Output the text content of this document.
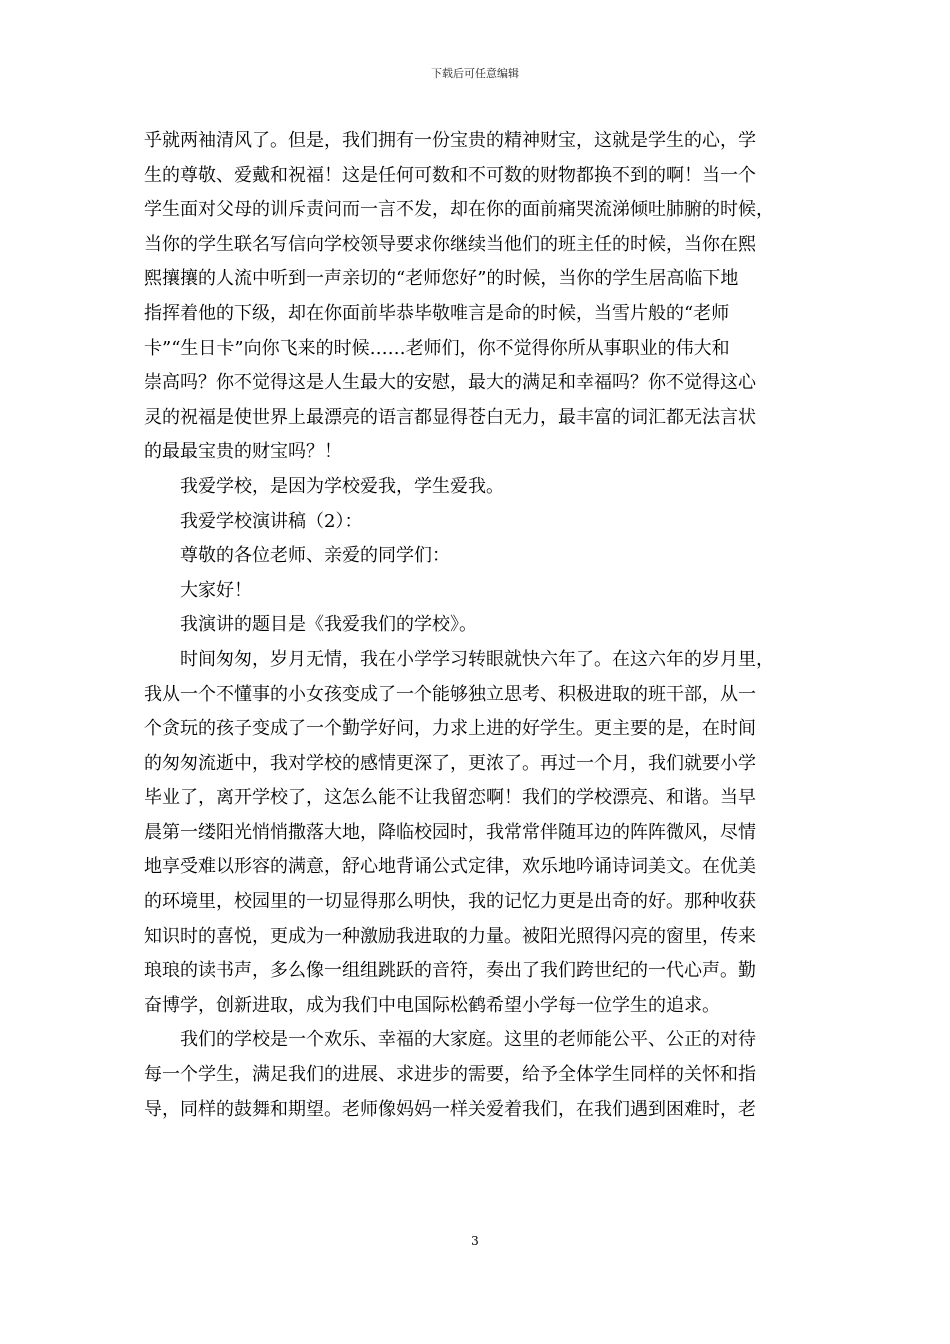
下载后可任意编辑
乎就两袖清风了。但是，我们拥有一份宝贵的精神财宝，这就是学生的心，学
生的尊敬、爱戴和祝福！这是任何可数和不可数的财物都换不到的啊！当一个
学生面对父母的训斥责问而一言不发，却在你的面前痛哭流涕倾吐肺腑的时候，
当你的学生联名写信向学校领导要求你继续当他们的班主任的时候，当你在熙
熙攘攘的人流中听到一声亲切的“老师您好”的时候，当你的学生居高临下地
指挥着他的下级，却在你面前毕恭毕敬唯言是命的时候，当雪片般的“老师
卡”“生日卡”向你飞来的时候……老师们，你不觉得你所从事职业的伟大和
崇高吗？你不觉得这是人生最大的安慰，最大的满足和幸福吗？你不觉得这心
灵的祝福是使世界上最漂亮的语言都显得苍白无力，最丰富的词汇都无法言状
的最最宝贵的财宝吗？！
我爱学校，是因为学校爱我，学生爱我。
我爱学校演讲稿（2）：
尊敬的各位老师、亲爱的同学们：
大家好！
我演讲的题目是《我爱我们的学校》。
时间匆匆，岁月无情，我在小学学习转眼就快六年了。在这六年的岁月里，
我从一个不懂事的小女孩变成了一个能够独立思考、积极进取的班干部，从一
个贪玩的孩子变成了一个勤学好问，力求上进的好学生。更主要的是，在时间
的匆匆流逝中，我对学校的感情更深了，更浓了。再过一个月，我们就要小学
毕业了，离开学校了，这怎么能不让我留恋啊！我们的学校漂亮、和谐。当早
晨第一缕阳光悄悄撒落大地，降临校园时，我常常伴随耳边的阵阵微风，尽情
地享受难以形容的满意，舒心地背诵公式定律，欢乐地吟诵诗词美文。在优美
的环境里，校园里的一切显得那么明快，我的记忆力更是出奇的好。那种收获
知识时的喜悦，更成为一种激励我进取的力量。被阳光照得闪亮的窗里，传来
琅琅的读书声，多么像一组组跳跃的音符，奏出了我们跨世纪的一代心声。勤
奋博学，创新进取，成为我们中电国际松鹤希望小学每一位学生的追求。
我们的学校是一个欢乐、幸福的大家庭。这里的老师能公平、公正的对待
每一个学生，满足我们的进展、求进步的需要，给予全体学生同样的关怀和指
导，同样的鼓舞和期望。老师像妈妈一样关爱着我们，在我们遇到困难时，老
3
